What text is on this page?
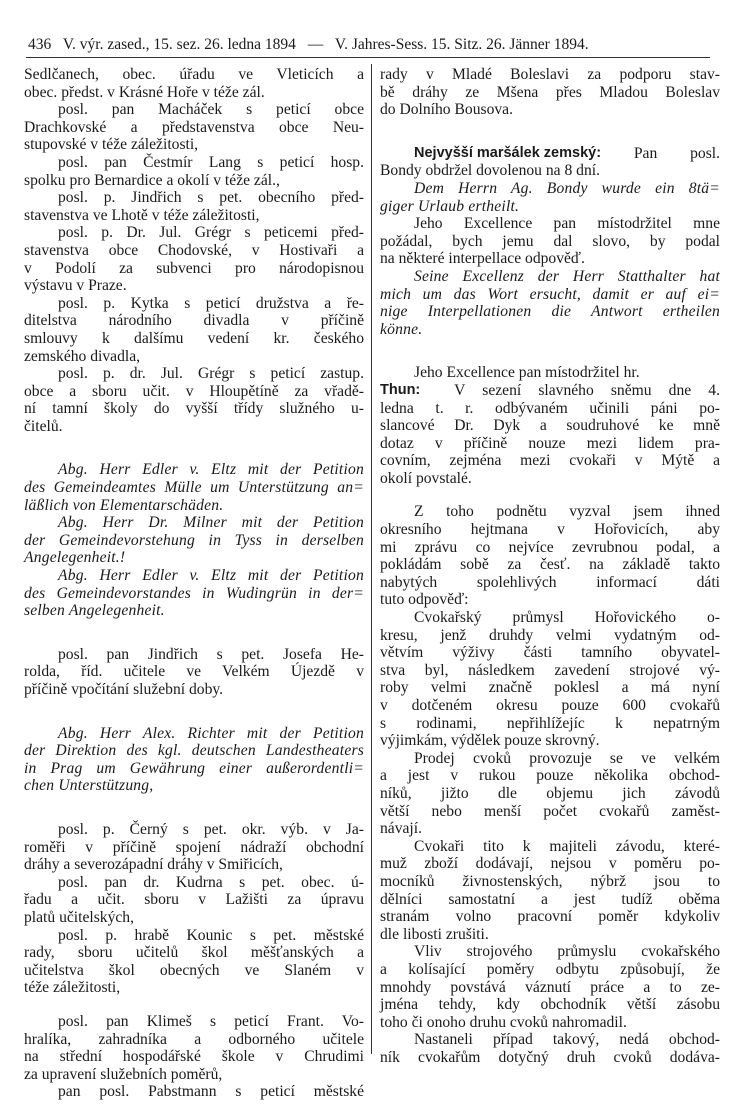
436 V. výr. zased., 15. sez. 26. ledna 1894 — V. Jahres-Sess. 15. Sitz. 26. Jänner 1894.
Sedlčanech, obec. úřadu ve Vleticích a
obec. předst. v Krásné Hoře v téže zál.
posl. pan Macháček s peticí obce
Drachkovské a představenstva obce Neu-
stupovské v téže záležitosti,
posl. pan Čestmír Lang s peticí hosp.
spolku pro Bernardice a okolí v téže zál.,
posl. p. Jindřich s pet. obecního před-
stavenstva ve Lhotě v téže záležitosti,
posl. p. Dr. Jul. Grégr s peticemi před-
stavenstva obce Chodovské, v Hostivaři a
v Podolí za subvenci pro národopisnou
výstavu v Praze.
posl. p. Kytka s peticí družstva a ře-
ditelstva národního divadla v příčině
smlouvy k dalšímu vedení kr. českého
zemského divadla,
posl. p. dr. Jul. Grégr s peticí zastup.
obce a sboru učit. v Hloupětíně za vřadě-
ní tamní školy do vyšší třídy služného u-
čitelů.
Abg. Herr Edler v. Eltz mit der Petition
des Gemeindeamtes Mülle um Unterstützung an=
läßlich von Elementarschäden.
Abg. Herr Dr. Milner mit der Petition
der Gemeindevorstehung in Tyss in derselben
Angelegenheit.!
Abg. Herr Edler v. Eltz mit der Petition
des Gemeindevorstandes in Wudingrün in der=
selben Angelegenheit.
posl. pan Jindřich s pet. Josefa He-
rolda, říd. učitele ve Velkém Újezdě v
příčině vpočítání služební doby.
Abg. Herr Alex. Richter mit der Petition
der Direktion des kgl. deutschen Landestheaters
in Prag um Gewährung einer außerordentli=
chen Unterstützung,
posl. p. Černý s pet. okr. výb. v Ja-
roměři v příčině spojení nádraží obchodní
dráhy a severozápadní dráhy v Smiřicích,
posl. pan dr. Kudrna s pet. obec. ú-
řadu a učit. sboru v Lažišti za úpravu
platů učitelských,
posl. p. hrabě Kounic s pet. městské
rady, sboru učitelů škol měšťanských a
učitelstva škol obecných ve Slaném v
téže záležitosti,
posl. pan Klimeš s peticí Frant. Vo-
hralíka, zahradníka a odborného učitele
na střední hospodářské škole v Chrudimi
za upravení služebních poměrů,
pan posl. Pabstmann s peticí městské
rady v Mladé Boleslavi za podporu stav-
bě dráhy ze Mšena přes Mladou Boleslav
do Dolního Bousova.
Nejvyšší maršálek zemský: Pan posl.
Bondy obdržel dovolenou na 8 dní.
Dem Herrn Ag. Bondy wurde ein 8tä=
giger Urlaub ertheilt.
Jeho Excellence pan místodržitel mne
požádal, bych jemu dal slovo, by podal
na některé interpellace odpověď.
Seine Excellenz der Herr Statthalter hat
mich um das Wort ersucht, damit er auf ei=
nige Interpellationen die Antwort ertheilen
könne.
Jeho Excellence pan místodržitel hr.
Thun: V sezení slavného sněmu dne 4.
ledna t. r. odbývaném učinili páni po-
slancové Dr. Dyk a soudruhové ke mně
dotaz v příčině nouze mezi lidem pra-
covním, zejména mezi cvokaři v Mýtě a
okolí povstalé.
Z toho podnětu vyzval jsem ihned
okresního hejtmana v Hořovicích, aby
mi zprávu co nejvíce zevrubnou podal, a
pokládám sobě za česť. na základě takto
nabytých spolehlivých informací dáti
tuto odpověď:
Cvokařský průmysl Hořovického o-
kresu, jenž druhdy velmi vydatným od-
větvím výživy části tamního obyvatel-
stva byl, následkem zavedení strojové vý-
roby velmi značně poklesl a má nyní
v dotčeném okresu pouze 600 cvokařů
s rodinami, nepřihlížejíc k nepatrným
výjimkám, výdělek pouze skrovný.
Prodej cvoků provozuje se ve velkém
a jest v rukou pouze několika obchod-
níků, jižto dle objemu jich závodů
větší nebo menší počet cvokařů zaměst-
návají.
Cvokaři tito k majiteli závodu, které-
muž zboží dodávají, nejsou v poměru po-
mocníků živnostenských, nýbrž jsou to
dělníci samostatní a jest tudíž oběma
stranám volno pracovní poměr kdykoliv
dle libosti zrušiti.
Vliv strojového průmyslu cvokařského
a kolísající poměry odbytu způsobují, že
mnohdy povstává váznutí práce a to ze-
jména tehdy, kdy obchodník větší zásobu
toho či onoho druhu cvoků nahromadil.
Nastaneli případ takový, nedá obchod-
ník cvokařům dotyčný druh cvoků dodáva-
